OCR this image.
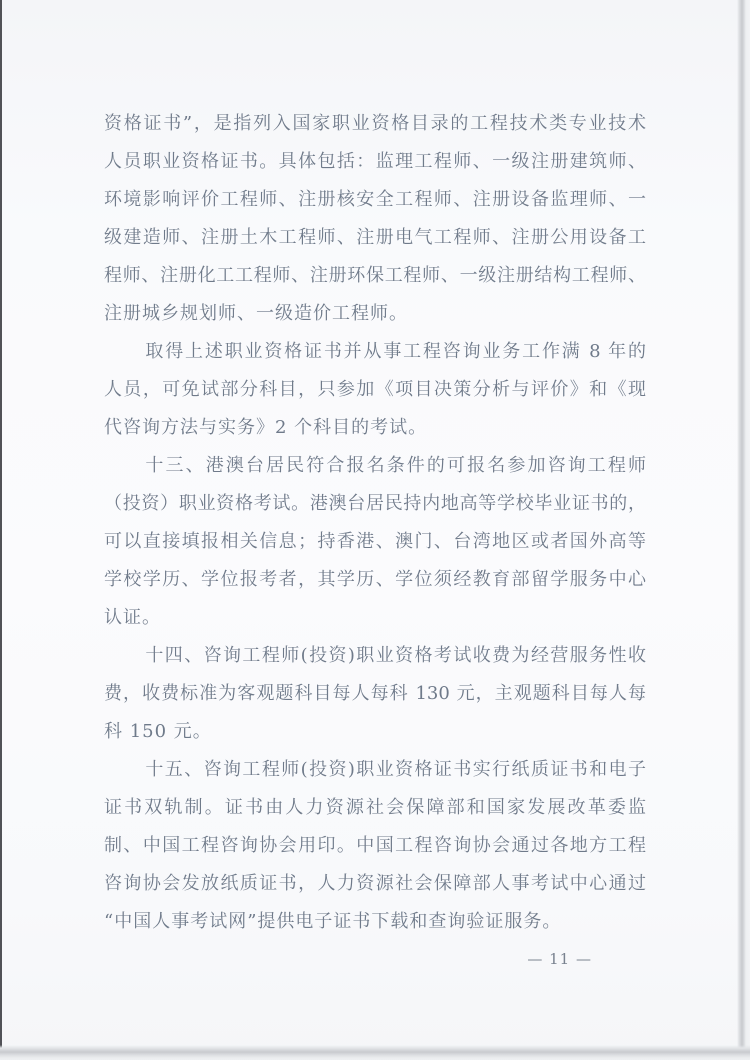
资格证书”，是指列入国家职业资格目录的工程技术类专业技术
人员职业资格证书。具体包括：监理工程师、一级注册建筑师、
环境影响评价工程师、注册核安全工程师、注册设备监理师、一
级建造师、注册土木工程师、注册电气工程师、注册公用设备工
程师、注册化工工程师、注册环保工程师、一级注册结构工程师、
注册城乡规划师、一级造价工程师。
取得上述职业资格证书并从事工程咨询业务工作满 8 年的
人员，可免试部分科目，只参加《项目决策分析与评价》和《现
代咨询方法与实务》2 个科目的考试。
十三、港澳台居民符合报名条件的可报名参加咨询工程师
（投资）职业资格考试。港澳台居民持内地高等学校毕业证书的，
可以直接填报相关信息；持香港、澳门、台湾地区或者国外高等
学校学历、学位报考者，其学历、学位须经教育部留学服务中心
认证。
十四、咨询工程师(投资)职业资格考试收费为经营服务性收
费，收费标准为客观题科目每人每科 130 元，主观题科目每人每
科 150 元。
十五、咨询工程师(投资)职业资格证书实行纸质证书和电子
证书双轨制。证书由人力资源社会保障部和国家发展改革委监
制、中国工程咨询协会用印。中国工程咨询协会通过各地方工程
咨询协会发放纸质证书，人力资源社会保障部人事考试中心通过
“中国人事考试网”提供电子证书下载和查询验证服务。
— 11 —
